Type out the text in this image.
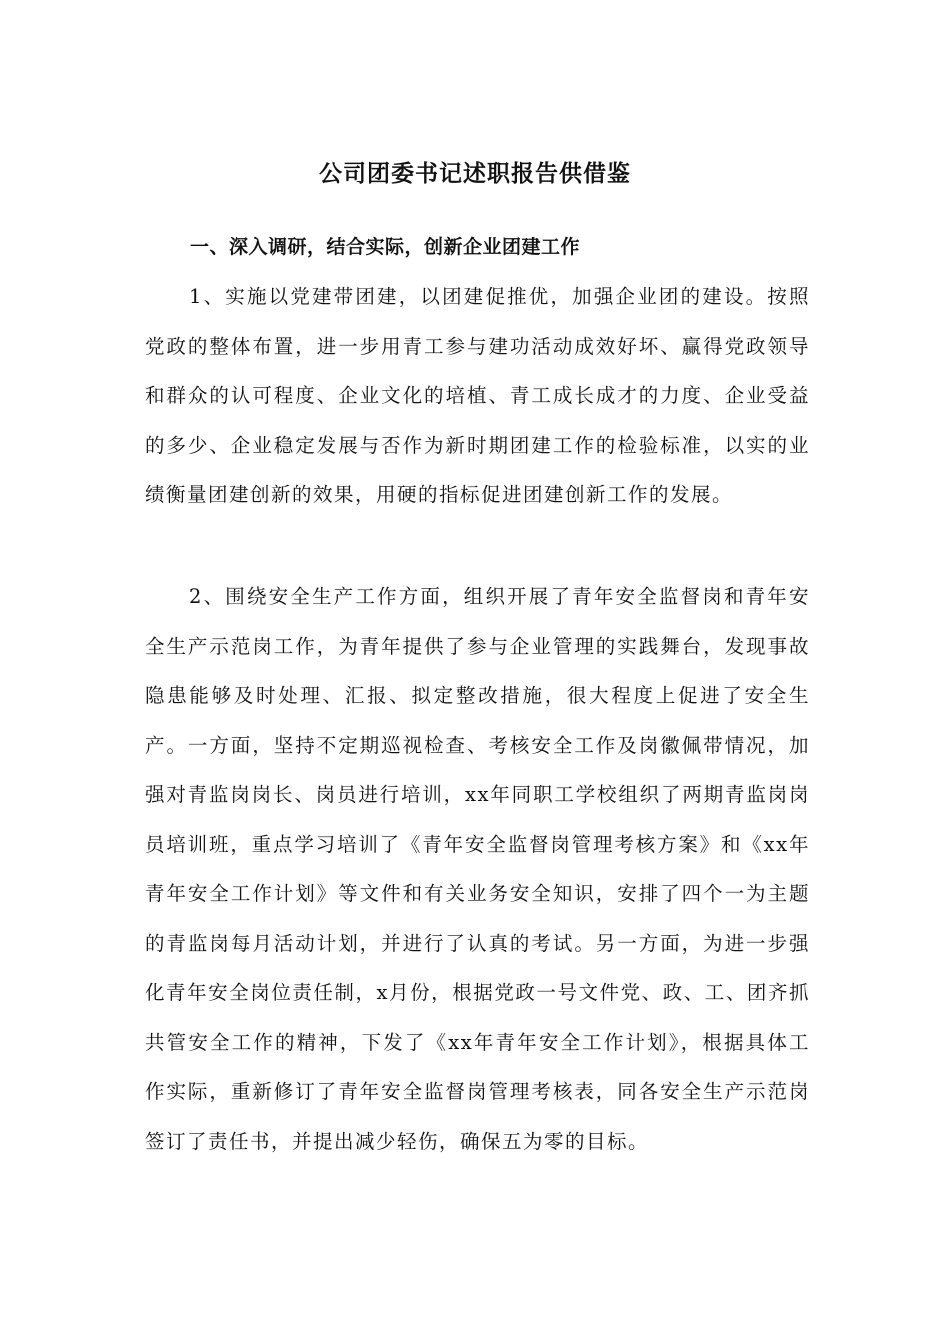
公司团委书记述职报告供借鉴
一、深入调研，结合实际，创新企业团建工作

1、实施以党建带团建，以团建促推优，加强企业团的建设。按照党政的整体布置，进一步用青工参与建功活动成效好坏、赢得党政领导和群众的认可程度、企业文化的培植、青工成长成才的力度、企业受益的多少、企业稳定发展与否作为新时期团建工作的检验标准，以实的业绩衡量团建创新的效果，用硬的指标促进团建创新工作的发展。

2、围绕安全生产工作方面，组织开展了青年安全监督岗和青年安全生产示范岗工作，为青年提供了参与企业管理的实践舞台，发现事故隐患能够及时处理、汇报、拟定整改措施，很大程度上促进了安全生产。一方面，坚持不定期巡视检查、考核安全工作及岗徽佩带情况，加强对青监岗岗长、岗员进行培训，xx年同职工学校组织了两期青监岗岗员培训班，重点学习培训了《青年安全监督岗管理考核方案》和《xx年青年安全工作计划》等文件和有关业务安全知识，安排了四个一为主题的青监岗每月活动计划，并进行了认真的考试。另一方面，为进一步强化青年安全岗位责任制，x月份，根据党政一号文件党、政、工、团齐抓共管安全工作的精神，下发了《xx年青年安全工作计划》，根据具体工作实际，重新修订了青年安全监督岗管理考核表，同各安全生产示范岗签订了责任书，并提出减少轻伤，确保五为零的目标。
